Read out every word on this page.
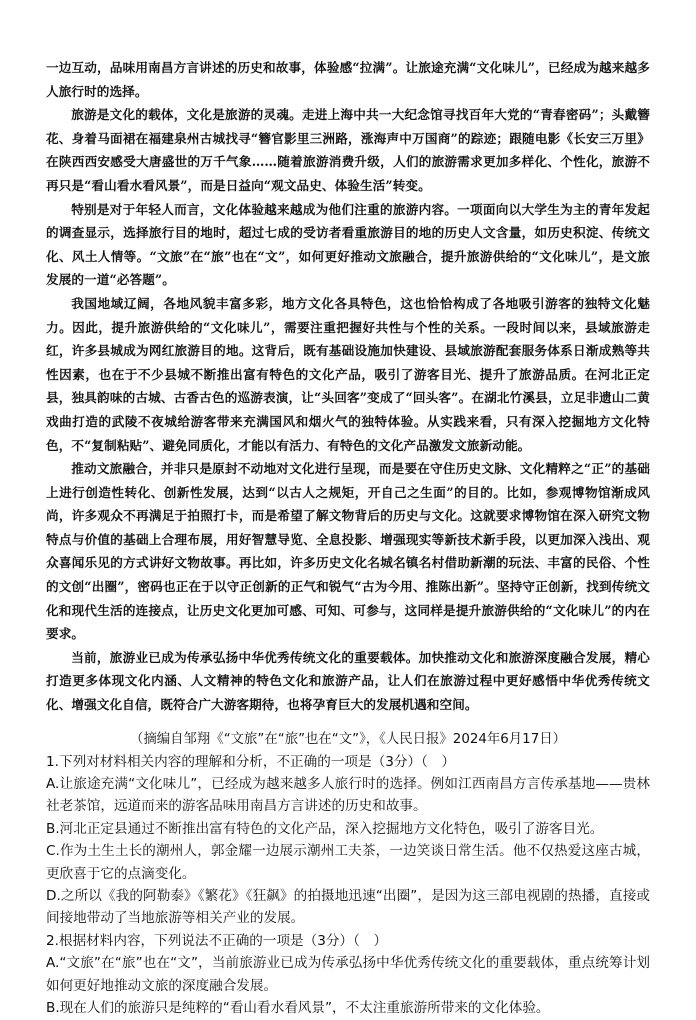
一边互动，品味用南昌方言讲述的历史和故事，体验感“拉满”。让旅途充满“文化味儿”，已经成为越来越多人旅行时的选择。

旅游是文化的载体，文化是旅游的灵魂。走进上海中共一大纪念馆寻找百年大党的“青春密码”；头戴簪花、身着马面裙在福建泉州古城找寻“簪官影里三洲路，涨海声中万国商”的踪迹；跟随电影《长安三万里》在陕西西安感受大唐盛世的万千气象……随着旅游消费升级，人们的旅游需求更加多样化、个性化，旅游不再只是“看山看水看风景”，而是日益向“观文品史、体验生活”转变。

特别是对于年轻人而言，文化体验越来越成为他们注重的旅游内容。一项面向以大学生为主的青年发起的调查显示，选择旅行目的地时，超过七成的受访者看重旅游目的地的历史人文含量，如历史积淀、传统文化、风土人情等。“文旅”在“旅”也在“文”，如何更好推动文旅融合，提升旅游供给的“文化味儿”，是文旅发展的一道“必答题”。

我国地域辽阔，各地风貌丰富多彩，地方文化各具特色，这也恰恰构成了各地吸引游客的独特文化魅力。因此，提升旅游供给的“文化味儿”，需要注重把握好共性与个性的关系。一段时间以来，县域旅游走红，许多县城成为网红旅游目的地。这背后，既有基础设施加快建设、县域旅游配套服务体系日渐成熟等共性因素，也在于不少县城不断推出富有特色的文化产品，吸引了游客目光、提升了旅游品质。在河北正定县，独具韵味的古城、古香古色的巡游表演，让“头回客”变成了“回头客”。在湖北竹溪县，立足非遗山二黄戏曲打造的武陵不夜城给游客带来充满国风和烟火气的独特体验。从实践来看，只有深入挖掘地方文化特色，不“复制粘贴”、避免同质化，才能以有活力、有特色的文化产品激发文旅新动能。

推动文旅融合，并非只是原封不动地对文化进行呈现，而是要在守住历史文脉、文化精粹之“正”的基础上进行创造性转化、创新性发展，达到“以古人之规矩，开自己之生面”的目的。比如，参观博物馆渐成风尚，许多观众不再满足于拍照打卡，而是希望了解文物背后的历史与文化。这就要求博物馆在深入研究文物特点与价值的基础上合理布展，用好智慧导览、全息投影、增强现实等新技术新手段，以更加深入浅出、观众喜闻乐见的方式讲好文物故事。再比如，许多历史文化名城名镇名村借助新潮的玩法、丰富的民俗、个性的文创“出圈”，密码也正在于以守正创新的正气和锐气“古为今用、推陈出新”。坚持守正创新，找到传统文化和现代生活的连接点，让历史文化更加可感、可知、可参与，这同样是提升旅游供给的“文化味儿”的内在要求。

当前，旅游业已成为传承弘扬中华优秀传统文化的重要载体。加快推动文化和旅游深度融合发展，精心打造更多体现文化内涵、人文精神的特色文化和旅游产品，让人们在旅游过程中更好感悟中华优秀传统文化、增强文化自信，既符合广大游客期待，也将孕育巨大的发展机遇和空间。

（摘编自邹翔《“文旅”在“旅”也在“文”》，《人民日报》2024年6月17日）

1.下列对材料相关内容的理解和分析，不正确的一项是（3分）（　）

A.让旅途充满“文化味儿”，已经成为越来越多人旅行时的选择。例如江西南昌方言传承基地——贵林社老茶馆，远道而来的游客品味用南昌方言讲述的历史和故事。

B.河北正定县通过不断推出富有特色的文化产品，深入挖掘地方文化特色，吸引了游客目光。

C.作为土生土长的潮州人，郭金耀一边展示潮州工夫茶，一边笑谈日常生活。他不仅热爱这座古城，更欣喜于它的点滴变化。

D.之所以《我的阿勒泰》《繁花》《狂飙》的拍摄地迅速“出圈”，是因为这三部电视剧的热播，直接或间接地带动了当地旅游等相关产业的发展。

2.根据材料内容，下列说法不正确的一项是（3分）（　）

A.“文旅”在“旅”也在“文”，当前旅游业已成为传承弘扬中华优秀传统文化的重要载体，重点统筹计划如何更好地推动文旅的深度融合发展。

B.现在人们的旅游只是纯粹的“看山看水看风景”，不太注重旅游所带来的文化体验。
